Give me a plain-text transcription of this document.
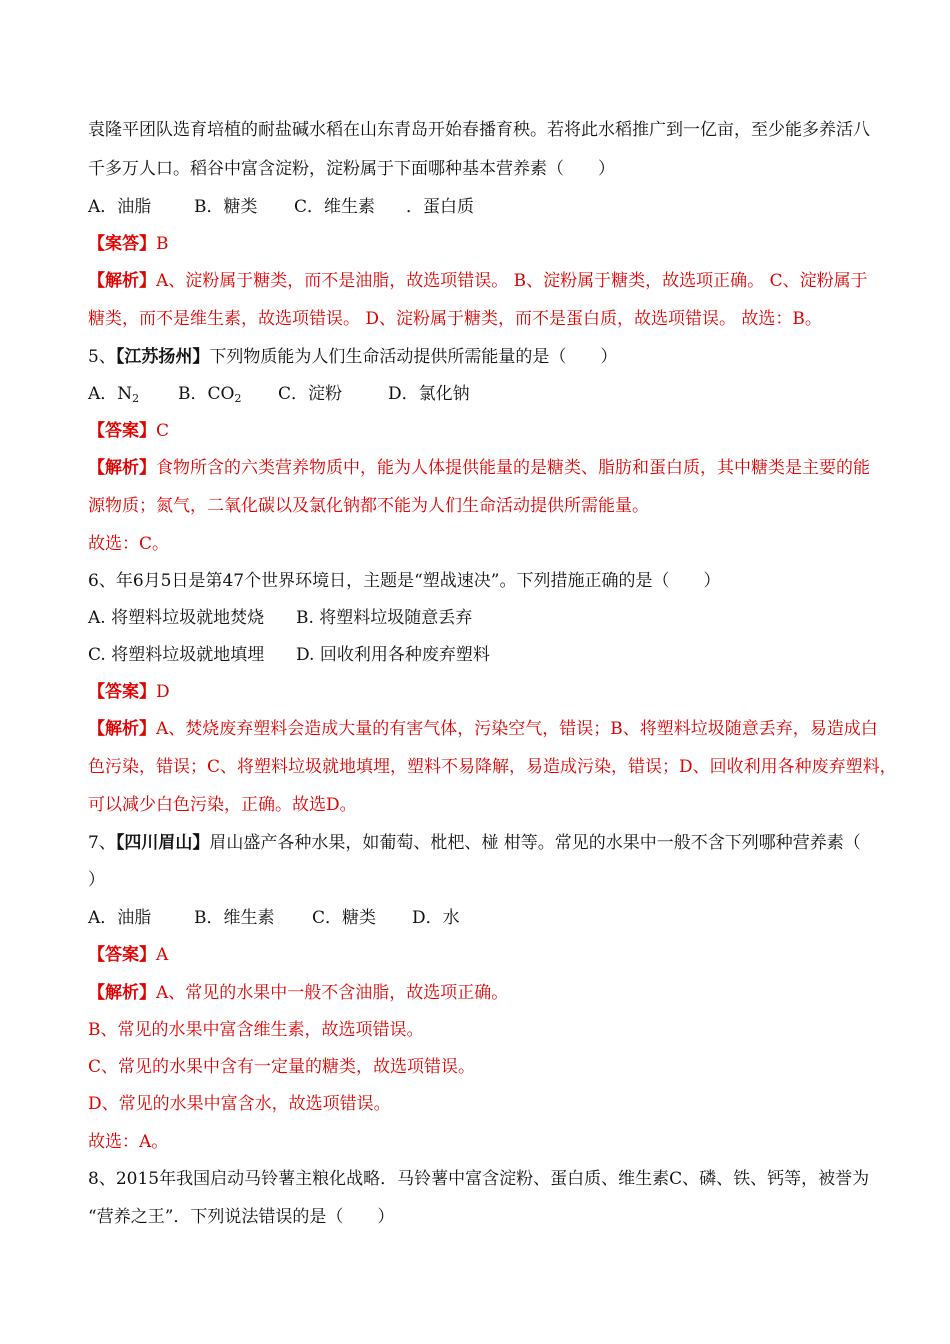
袁隆平团队选育培植的耐盐碱水稻在山东青岛开始春播育秧。若将此水稻推广到一亿亩，至少能多养活八
千多万人口。稻谷中富含淀粉，淀粉属于下面哪种基本营养素（　　）
A．油脂	B．糖类 C．维生素 ．蛋白质
【案答】B
【解析】A、淀粉属于糖类，而不是油脂，故选项错误。 B、淀粉属于糖类，故选项正确。 C、淀粉属于
糖类，而不是维生素，故选项错误。 D、淀粉属于糖类，而不是蛋白质，故选项错误。 故选：B。
5、【江苏扬州】下列物质能为人们生命活动提供所需能量的是（　　）
A．$N_2$ B．$CO_2$ C．淀粉	D．氯化钠
【答案】C
【解析】食物所含的六类营养物质中，能为人体提供能量的是糖类、脂肪和蛋白质，其中糖类是主要的能
源物质；氮气，二氧化碳以及氯化钠都不能为人们生命活动提供所需能量。
故选：C。
6、年6月5日是第47个世界环境日，主题是“塑战速决”。下列措施正确的是（　　）
A. 将塑料垃圾就地焚烧 B. 将塑料垃圾随意丢弃
C. 将塑料垃圾就地填埋 D. 回收利用各种废弃塑料
【答案】D
【解析】A、焚烧废弃塑料会造成大量的有害气体，污染空气，错误；B、将塑料垃圾随意丢弃，易造成白
色污染，错误；C、将塑料垃圾就地填埋，塑料不易降解，易造成污染，错误；D、回收利用各种废弃塑料，
可以减少白色污染，正确。故选D。
7、【四川眉山】眉山盛产各种水果，如葡萄、枇杷、椪 柑等。常见的水果中一般不含下列哪种营养素（
）
A．油脂	B．维生素 C．糖类 D．水
【答案】A
【解析】A、常见的水果中一般不含油脂，故选项正确。
B、常见的水果中富含维生素，故选项错误。
C、常见的水果中含有一定量的糖类，故选项错误。
D、常见的水果中富含水，故选项错误。
故选：A。
8、2015年我国启动马铃薯主粮化战略．马铃薯中富含淀粉、蛋白质、维生素C、磷、铁、钙等，被誉为
“营养之王”．下列说法错误的是（　　）
